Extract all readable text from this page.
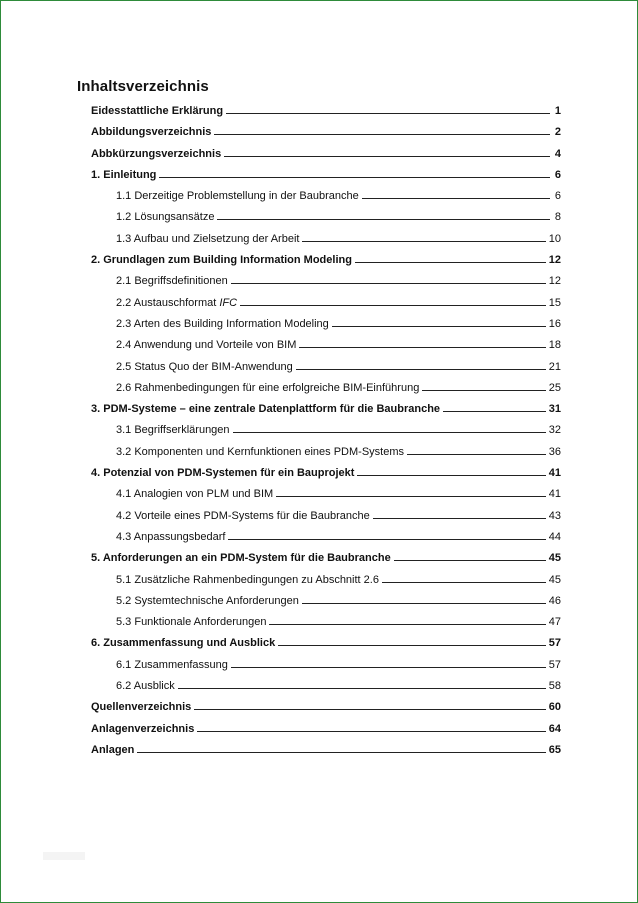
Inhaltsverzeichnis
Eidesstattliche Erklärung	1
Abbildungsverzeichnis	2
Abbkürzungsverzeichnis	4
1. Einleitung	6
1.1 Derzeitige Problemstellung in der Baubranche	6
1.2 Lösungsansätze	8
1.3 Aufbau und Zielsetzung der Arbeit	10
2. Grundlagen zum Building Information Modeling	12
2.1 Begriffsdefinitionen	12
2.2 Austauschformat IFC	15
2.3 Arten des Building Information Modeling	16
2.4 Anwendung und Vorteile von BIM	18
2.5 Status Quo der BIM-Anwendung	21
2.6 Rahmenbedingungen für eine erfolgreiche BIM-Einführung	25
3. PDM-Systeme – eine zentrale Datenplattform für die Baubranche	31
3.1 Begriffserklärungen	32
3.2 Komponenten und Kernfunktionen eines PDM-Systems	36
4. Potenzial von PDM-Systemen für ein Bauprojekt	41
4.1 Analogien von PLM und BIM	41
4.2 Vorteile eines PDM-Systems für die Baubranche	43
4.3 Anpassungsbedarf	44
5. Anforderungen an ein PDM-System für die Baubranche	45
5.1 Zusätzliche Rahmenbedingungen zu Abschnitt 2.6	45
5.2 Systemtechnische Anforderungen	46
5.3 Funktionale Anforderungen	47
6. Zusammenfassung und Ausblick	57
6.1 Zusammenfassung	57
6.2 Ausblick	58
Quellenverzeichnis	60
Anlagenverzeichnis	64
Anlagen	65
